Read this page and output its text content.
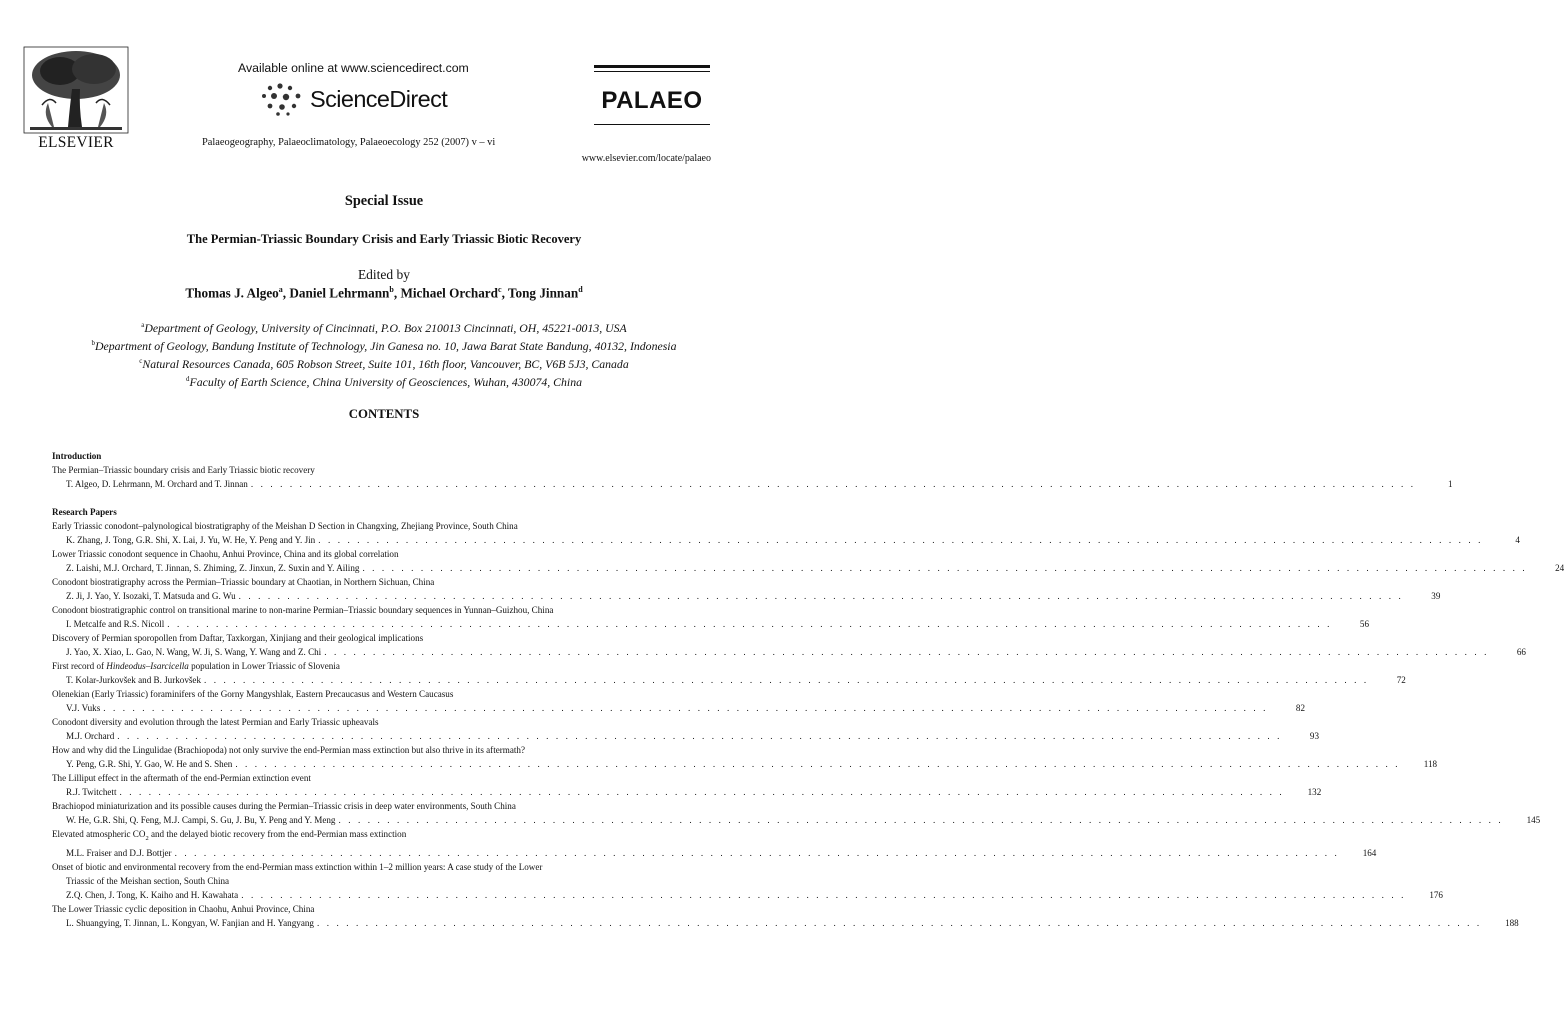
ELSEVIER
Available online at www.sciencedirect.com
ScienceDirect
Palaeogeography, Palaeoclimatology, Palaeoecology 252 (2007) v – vi
PALAEO
www.elsevier.com/locate/palaeo
Special Issue
The Permian-Triassic Boundary Crisis and Early Triassic Biotic Recovery
Edited by
Thomas J. Algeo$^a$, Daniel Lehrmann$^b$, Michael Orchard$^c$, Tong Jinnan$^d$
$^a$Department of Geology, University of Cincinnati, P.O. Box 210013 Cincinnati, OH, 45221-0013, USA
$^b$Department of Geology, Bandung Institute of Technology, Jin Ganesa no. 10, Jawa Barat State Bandung, 40132, Indonesia
$^c$Natural Resources Canada, 605 Robson Street, Suite 101, 16th floor, Vancouver, BC, V6B 5J3, Canada
$^d$Faculty of Earth Science, China University of Geosciences, Wuhan, 430074, China
CONTENTS
Introduction
The Permian–Triassic boundary crisis and Early Triassic biotic recovery
T. Algeo, D. Lehrmann, M. Orchard and T. Jinnan . . . . . . . . . . . . . . . . . . . . . . . . . . . . . . . . . . . . . . . . . . . . . . . . . . . . . . . . . . . . . . . . . . . . . . . . . . . . . . . . . . . . . . . . . . . . . . . . . . . . . . . . . . . . . . . . . . . . . . . .	1
Research Papers
Early Triassic conodont–palynological biostratigraphy of the Meishan D Section in Changxing, Zhejiang Province, South China
K. Zhang, J. Tong, G.R. Shi, X. Lai, J. Yu, W. He, Y. Peng and Y. Jin . . . . . . . . . . . . . . . . . . . . . . . . . . . . . . . . . . . . . . . . . . . . . . . . . . . . . . . . . . . . . . . . . . . . . . . . . . . . . . . . . . . . . . . . . . . . . . . . . . . . . . . . . . . . . . . . . . . . . . . .	4
Lower Triassic conodont sequence in Chaohu, Anhui Province, China and its global correlation
Z. Laishi, M.J. Orchard, T. Jinnan, S. Zhiming, Z. Jinxun, Z. Suxin and Y. Ailing . . . . . . . . . . . . . . . . . . . . . . . . . . . . . . . . . . . . . . . . . . . . . . . . . . . . . . . . . . . . . . . . . . . . . . . . . . . . . . . . . . . . . . . . . . . . . . . . . . . . . . . . . . . . . . . . . . . . . . . .	24
Conodont biostratigraphy across the Permian–Triassic boundary at Chaotian, in Northern Sichuan, China
Z. Ji, J. Yao, Y. Isozaki, T. Matsuda and G. Wu . . . . . . . . . . . . . . . . . . . . . . . . . . . . . . . . . . . . . . . . . . . . . . . . . . . . . . . . . . . . . . . . . . . . . . . . . . . . . . . . . . . . . . . . . . . . . . . . . . . . . . . . . . . . . . . . . . . . . . . .	39
Conodont biostratigraphic control on transitional marine to non-marine Permian–Triassic boundary sequences in Yunnan–Guizhou, China
I. Metcalfe and R.S. Nicoll . . . . . . . . . . . . . . . . . . . . . . . . . . . . . . . . . . . . . . . . . . . . . . . . . . . . . . . . . . . . . . . . . . . . . . . . . . . . . . . . . . . . . . . . . . . . . . . . . . . . . . . . . . . . . . . . . . . . . . . .	56
Discovery of Permian sporopollen from Daftar, Taxkorgan, Xinjiang and their geological implications
J. Yao, X. Xiao, L. Gao, N. Wang, W. Ji, S. Wang, Y. Wang and Z. Chi . . . . . . . . . . . . . . . . . . . . . . . . . . . . . . . . . . . . . . . . . . . . . . . . . . . . . . . . . . . . . . . . . . . . . . . . . . . . . . . . . . . . . . . . . . . . . . . . . . . . . . . . . . . . . . . . . . . . . . . .	66
First record of Hindeodus–Isarcicella population in Lower Triassic of Slovenia
T. Kolar-Jurkovšek and B. Jurkovšek . . . . . . . . . . . . . . . . . . . . . . . . . . . . . . . . . . . . . . . . . . . . . . . . . . . . . . . . . . . . . . . . . . . . . . . . . . . . . . . . . . . . . . . . . . . . . . . . . . . . . . . . . . . . . . . . . . . . . . . .	72
Olenekian (Early Triassic) foraminifers of the Gorny Mangyshlak, Eastern Precaucasus and Western Caucasus
V.J. Vuks . . . . . . . . . . . . . . . . . . . . . . . . . . . . . . . . . . . . . . . . . . . . . . . . . . . . . . . . . . . . . . . . . . . . . . . . . . . . . . . . . . . . . . . . . . . . . . . . . . . . . . . . . . . . . . . . . . . . . . . .	82
Conodont diversity and evolution through the latest Permian and Early Triassic upheavals
M.J. Orchard . . . . . . . . . . . . . . . . . . . . . . . . . . . . . . . . . . . . . . . . . . . . . . . . . . . . . . . . . . . . . . . . . . . . . . . . . . . . . . . . . . . . . . . . . . . . . . . . . . . . . . . . . . . . . . . . . . . . . . . .	93
How and why did the Lingulidae (Brachiopoda) not only survive the end-Permian mass extinction but also thrive in its aftermath?
Y. Peng, G.R. Shi, Y. Gao, W. He and S. Shen . . . . . . . . . . . . . . . . . . . . . . . . . . . . . . . . . . . . . . . . . . . . . . . . . . . . . . . . . . . . . . . . . . . . . . . . . . . . . . . . . . . . . . . . . . . . . . . . . . . . . . . . . . . . . . . . . . . . . . . .	118
The Lilliput effect in the aftermath of the end-Permian extinction event
R.J. Twitchett . . . . . . . . . . . . . . . . . . . . . . . . . . . . . . . . . . . . . . . . . . . . . . . . . . . . . . . . . . . . . . . . . . . . . . . . . . . . . . . . . . . . . . . . . . . . . . . . . . . . . . . . . . . . . . . . . . . . . . . .	132
Brachiopod miniaturization and its possible causes during the Permian–Triassic crisis in deep water environments, South China
W. He, G.R. Shi, Q. Feng, M.J. Campi, S. Gu, J. Bu, Y. Peng and Y. Meng . . . . . . . . . . . . . . . . . . . . . . . . . . . . . . . . . . . . . . . . . . . . . . . . . . . . . . . . . . . . . . . . . . . . . . . . . . . . . . . . . . . . . . . . . . . . . . . . . . . . . . . . . . . . . . . . . . . . . . . .	145
Elevated atmospheric $CO_2$ and the delayed biotic recovery from the end-Permian mass extinction
M.L. Fraiser and D.J. Bottjer . . . . . . . . . . . . . . . . . . . . . . . . . . . . . . . . . . . . . . . . . . . . . . . . . . . . . . . . . . . . . . . . . . . . . . . . . . . . . . . . . . . . . . . . . . . . . . . . . . . . . . . . . . . . . . . . . . . . . . . .	164
Onset of biotic and environmental recovery from the end-Permian mass extinction within 1–2 million years: A case study of the Lower
Triassic of the Meishan section, South China
Z.Q. Chen, J. Tong, K. Kaiho and H. Kawahata . . . . . . . . . . . . . . . . . . . . . . . . . . . . . . . . . . . . . . . . . . . . . . . . . . . . . . . . . . . . . . . . . . . . . . . . . . . . . . . . . . . . . . . . . . . . . . . . . . . . . . . . . . . . . . . . . . . . . . . .	176
The Lower Triassic cyclic deposition in Chaohu, Anhui Province, China
L. Shuangying, T. Jinnan, L. Kongyan, W. Fanjian and H. Yangyang . . . . . . . . . . . . . . . . . . . . . . . . . . . . . . . . . . . . . . . . . . . . . . . . . . . . . . . . . . . . . . . . . . . . . . . . . . . . . . . . . . . . . . . . . . . . . . . . . . . . . . . . . . . . . . . . . . . . . . . .	188
